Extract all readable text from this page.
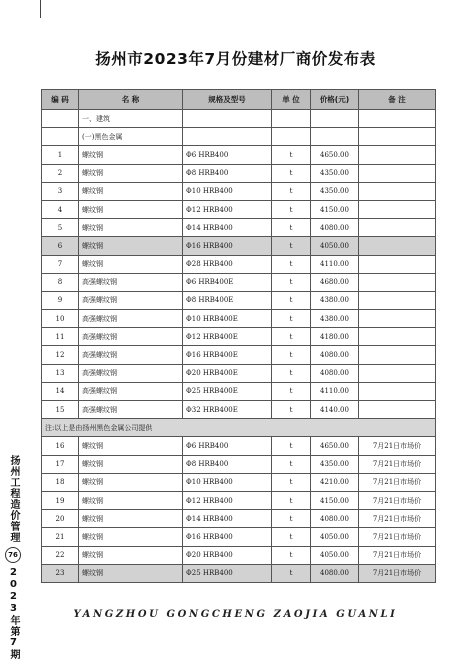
扬州市2023年7月份建材厂商价发布表
编 码	名 称	规格及型号	单 位	价格(元)	备 注
	一、建筑				
	(一)黑色金属				
1	螺纹钢	Φ6 HRB400	t	4650.00	
2	螺纹钢	Φ8 HRB400	t	4350.00	
3	螺纹钢	Φ10 HRB400	t	4350.00	
4	螺纹钢	Φ12 HRB400	t	4150.00	
5	螺纹钢	Φ14 HRB400	t	4080.00	
6	螺纹钢	Φ16 HRB400	t	4050.00	
7	螺纹钢	Φ28 HRB400	t	4110.00	
8	高强螺纹钢	Φ6 HRB400E	t	4680.00	
9	高强螺纹钢	Φ8 HRB400E	t	4380.00	
10	高强螺纹钢	Φ10 HRB400E	t	4380.00	
11	高强螺纹钢	Φ12 HRB400E	t	4180.00	
12	高强螺纹钢	Φ16 HRB400E	t	4080.00	
13	高强螺纹钢	Φ20 HRB400E	t	4080.00	
14	高强螺纹钢	Φ25 HRB400E	t	4110.00	
15	高强螺纹钢	Φ32 HRB400E	t	4140.00	
注:以上是由扬州黑色金属公司提供					
16	螺纹钢	Φ6 HRB400	t	4650.00	7月21日市场价
17	螺纹钢	Φ8 HRB400	t	4350.00	7月21日市场价
18	螺纹钢	Φ10 HRB400	t	4210.00	7月21日市场价
19	螺纹钢	Φ12 HRB400	t	4150.00	7月21日市场价
20	螺纹钢	Φ14 HRB400	t	4080.00	7月21日市场价
21	螺纹钢	Φ16 HRB400	t	4050.00	7月21日市场价
22	螺纹钢	Φ20 HRB400	t	4050.00	7月21日市场价
23	螺纹钢	Φ25 HRB400	t	4080.00	7月21日市场价
扬州工程造价管理
76
2023年第7期	YANGZHOU GONGCHENG ZAOJIA GUANLI
